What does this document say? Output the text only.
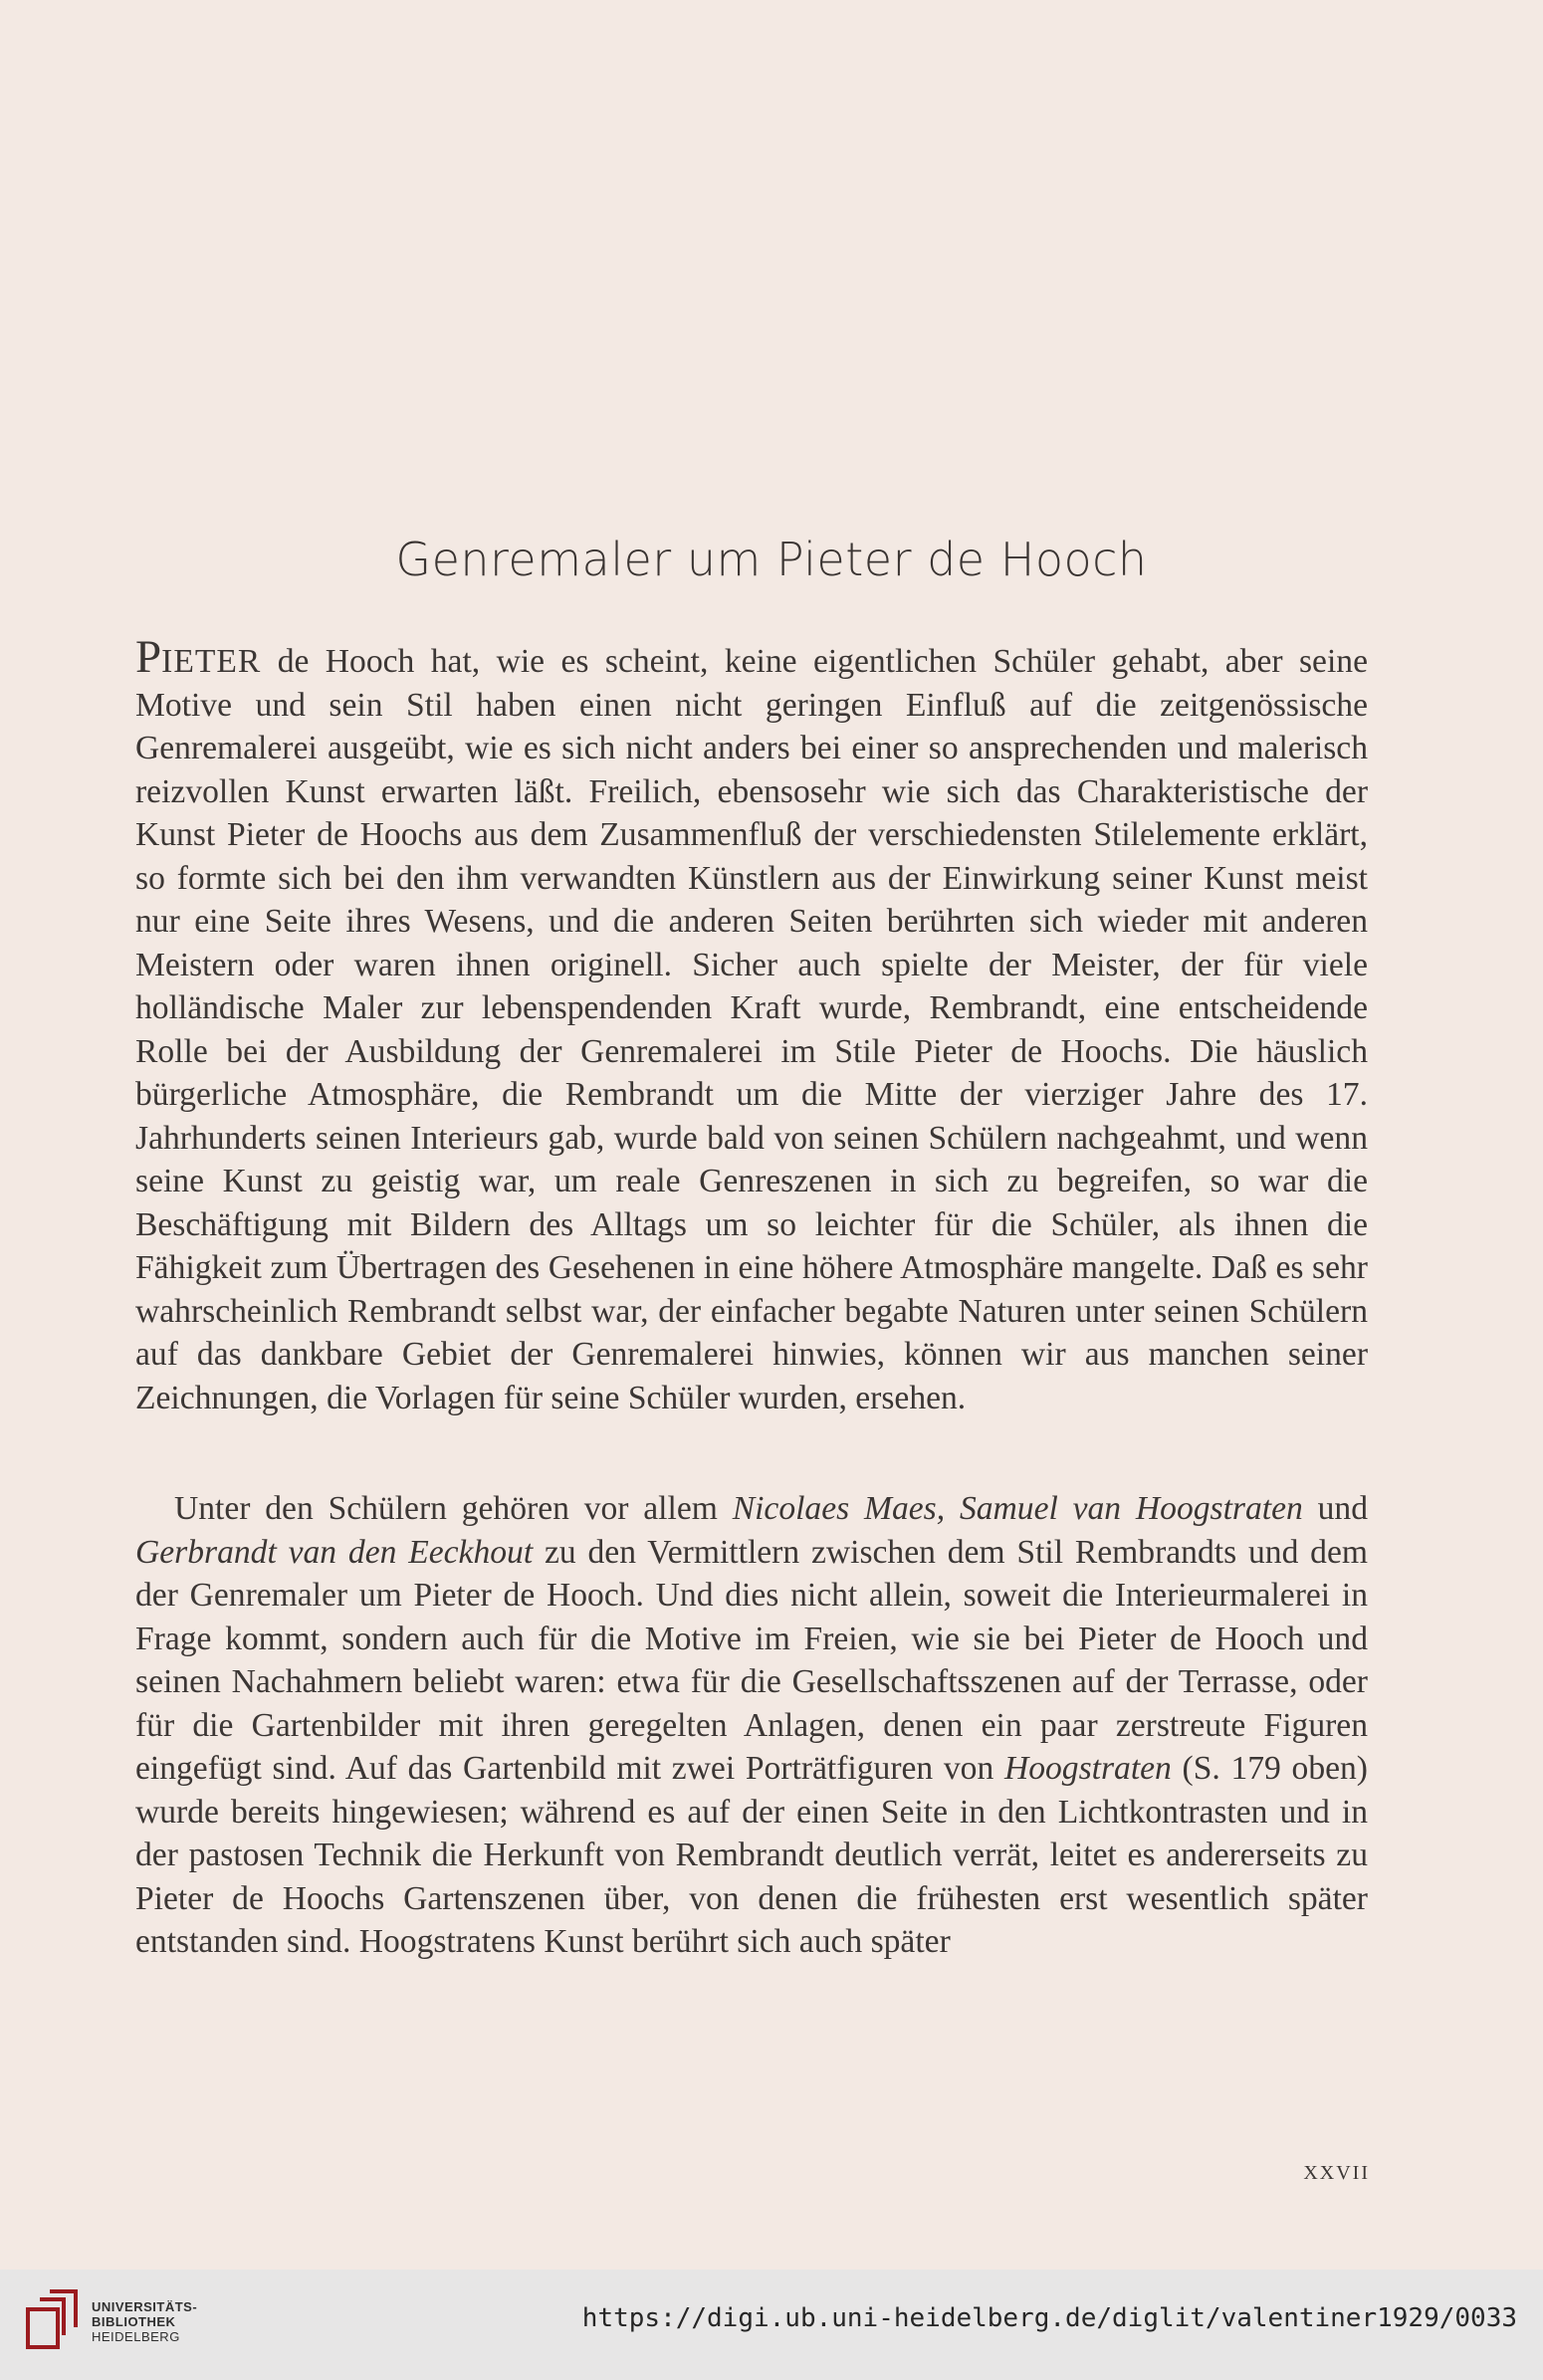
Genremaler um Pieter de Hooch
PIETER de Hooch hat, wie es scheint, keine eigentlichen Schüler gehabt, aber seine Motive und sein Stil haben einen nicht geringen Einfluß auf die zeitgenössische Genremalerei ausgeübt, wie es sich nicht anders bei einer so ansprechenden und malerisch reizvollen Kunst erwarten läßt. Freilich, ebensosehr wie sich das Charakteristische der Kunst Pieter de Hoochs aus dem Zusammenfluß der verschiedensten Stilelemente erklärt, so formte sich bei den ihm verwandten Künstlern aus der Einwirkung seiner Kunst meist nur eine Seite ihres Wesens, und die anderen Seiten berührten sich wieder mit anderen Meistern oder waren ihnen originell. Sicher auch spielte der Meister, der für viele holländische Maler zur lebenspendenden Kraft wurde, Rembrandt, eine entscheidende Rolle bei der Ausbildung der Genremalerei im Stile Pieter de Hoochs. Die häuslich bürgerliche Atmosphäre, die Rembrandt um die Mitte der vierziger Jahre des 17. Jahrhunderts seinen Interieurs gab, wurde bald von seinen Schülern nachgeahmt, und wenn seine Kunst zu geistig war, um reale Genreszenen in sich zu begreifen, so war die Beschäftigung mit Bildern des Alltags um so leichter für die Schüler, als ihnen die Fähigkeit zum Übertragen des Gesehenen in eine höhere Atmosphäre mangelte. Daß es sehr wahrscheinlich Rembrandt selbst war, der einfacher begabte Naturen unter seinen Schülern auf das dankbare Gebiet der Genremalerei hinwies, können wir aus manchen seiner Zeichnungen, die Vorlagen für seine Schüler wurden, ersehen.
Unter den Schülern gehören vor allem Nicolaes Maes, Samuel van Hoogstraten und Gerbrandt van den Eeckhout zu den Vermittlern zwischen dem Stil Rembrandts und dem der Genremaler um Pieter de Hooch. Und dies nicht allein, soweit die Interieurmalerei in Frage kommt, sondern auch für die Motive im Freien, wie sie bei Pieter de Hooch und seinen Nachahmern beliebt waren: etwa für die Gesellschaftsszenen auf der Terrasse, oder für die Gartenbilder mit ihren geregelten Anlagen, denen ein paar zerstreute Figuren eingefügt sind. Auf das Gartenbild mit zwei Porträtfiguren von Hoogstraten (S. 179 oben) wurde bereits hingewiesen; während es auf der einen Seite in den Lichtkontrasten und in der pastosen Technik die Herkunft von Rembrandt deutlich verrät, leitet es andererseits zu Pieter de Hoochs Gartenszenen über, von denen die frühesten erst wesentlich später entstanden sind. Hoogstratens Kunst berührt sich auch später
XXVII
UNIVERSITÄTS-
BIBLIOTHEK
HEIDELBERG
https://digi.ub.uni-heidelberg.de/diglit/valentiner1929/0033
